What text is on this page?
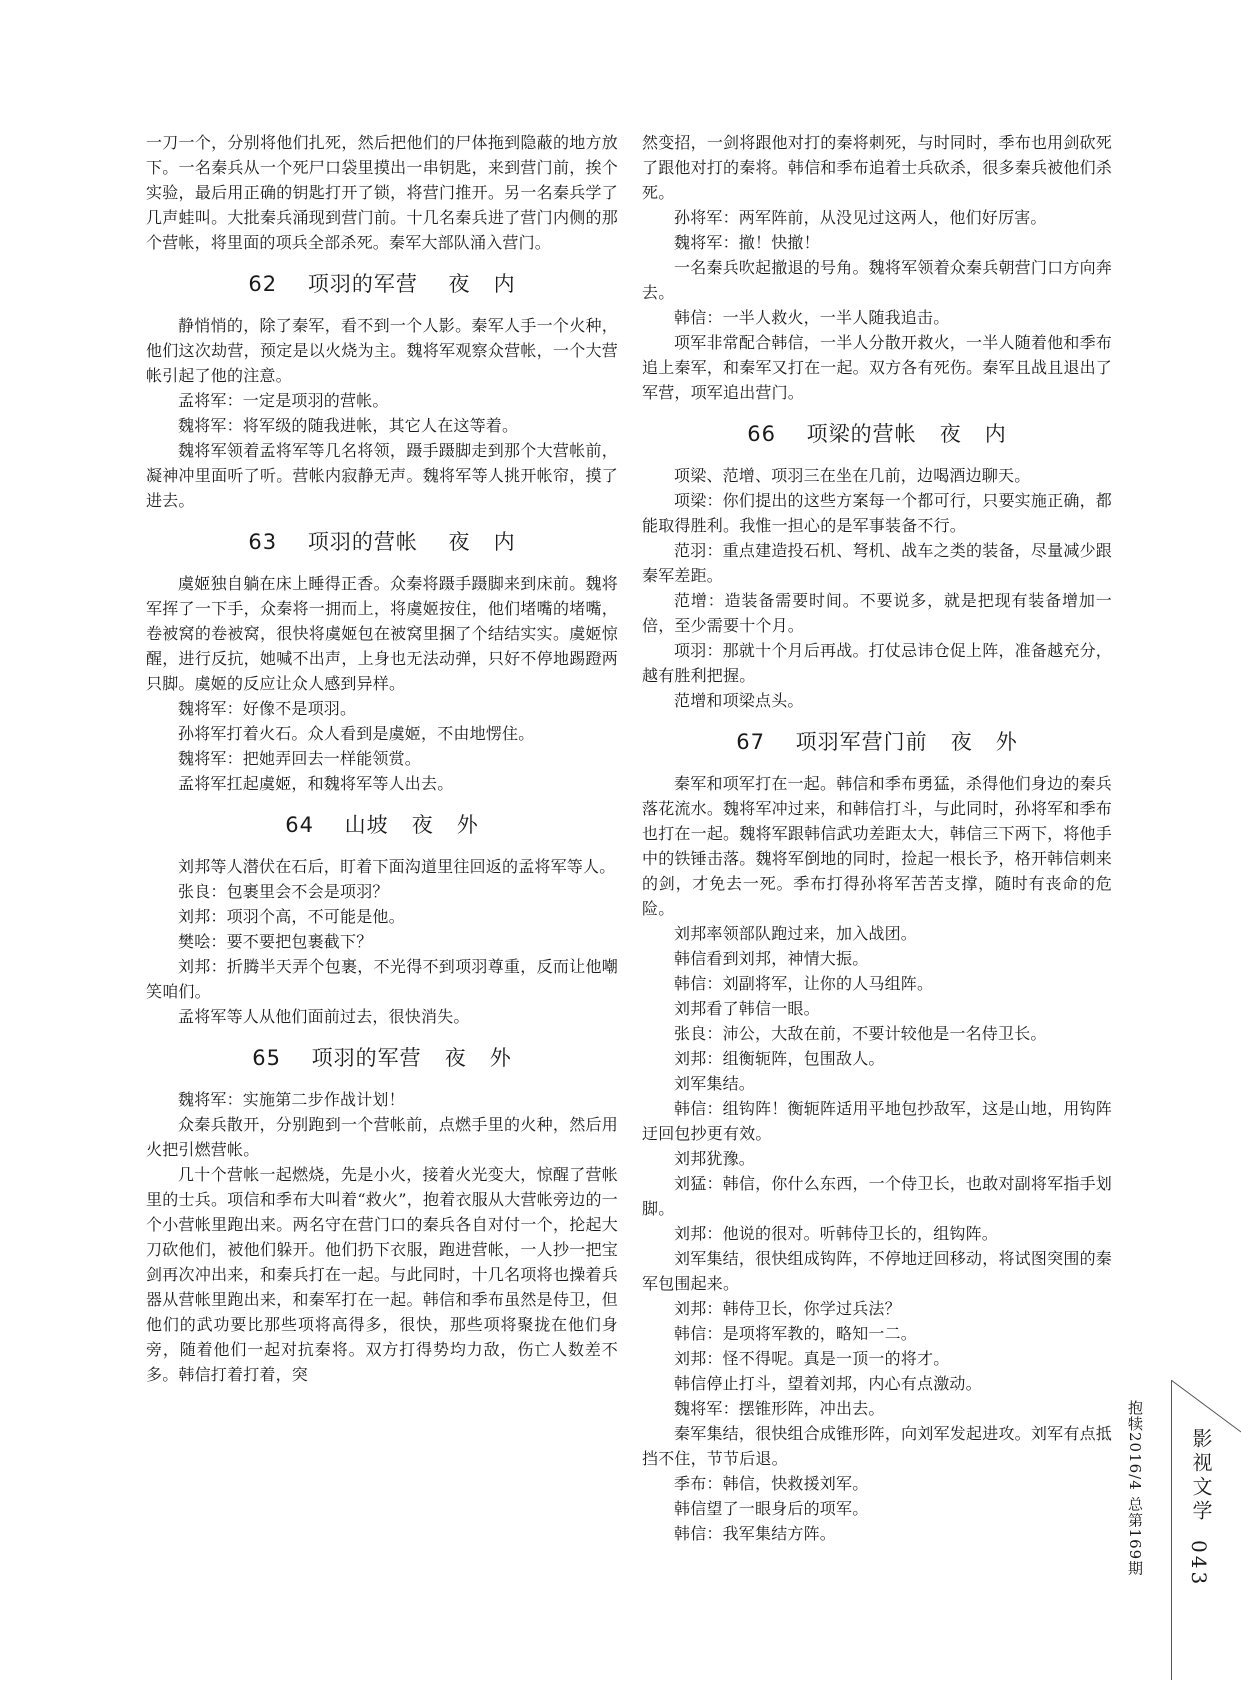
一刀一个，分别将他们扎死，然后把他们的尸体拖到隐蔽的地方放下。一名秦兵从一个死尸口袋里摸出一串钥匙，来到营门前，挨个实验，最后用正确的钥匙打开了锁，将营门推开。另一名秦兵学了几声蛙叫。大批秦兵涌现到营门前。十几名秦兵进了营门内侧的那个营帐，将里面的项兵全部杀死。秦军大部队涌入营门。
62    项羽的军营    夜   内
静悄悄的，除了秦军，看不到一个人影。秦军人手一个火种，他们这次劫营，预定是以火烧为主。魏将军观察众营帐，一个大营帐引起了他的注意。
孟将军：一定是项羽的营帐。
魏将军：将军级的随我进帐，其它人在这等着。
魏将军领着孟将军等几名将领，蹑手蹑脚走到那个大营帐前，凝神冲里面听了听。营帐内寂静无声。魏将军等人挑开帐帘，摸了进去。
63    项羽的营帐    夜   内
虞姬独自躺在床上睡得正香。众秦将蹑手蹑脚来到床前。魏将军挥了一下手，众秦将一拥而上，将虞姬按住，他们堵嘴的堵嘴，卷被窝的卷被窝，很快将虞姬包在被窝里捆了个结结实实。虞姬惊醒，进行反抗，她喊不出声，上身也无法动弹，只好不停地踢蹬两只脚。虞姬的反应让众人感到异样。
魏将军：好像不是项羽。
孙将军打着火石。众人看到是虞姬，不由地愣住。
魏将军：把她弄回去一样能领赏。
孟将军扛起虞姬，和魏将军等人出去。
64    山坡   夜   外
刘邦等人潜伏在石后，盯着下面沟道里往回返的孟将军等人。
张良：包裹里会不会是项羽？
刘邦：项羽个高，不可能是他。
樊哙：要不要把包裹截下？
刘邦：折腾半天弄个包裹，不光得不到项羽尊重，反而让他嘲笑咱们。
孟将军等人从他们面前过去，很快消失。
65    项羽的军营   夜   外
魏将军：实施第二步作战计划！
众秦兵散开，分别跑到一个营帐前，点燃手里的火种，然后用火把引燃营帐。
几十个营帐一起燃烧，先是小火，接着火光变大，惊醒了营帐里的士兵。项信和季布大叫着“救火”，抱着衣服从大营帐旁边的一个小营帐里跑出来。两名守在营门口的秦兵各自对付一个，抡起大刀砍他们，被他们躲开。他们扔下衣服，跑进营帐，一人抄一把宝剑再次冲出来，和秦兵打在一起。与此同时，十几名项将也操着兵器从营帐里跑出来，和秦军打在一起。韩信和季布虽然是侍卫，但他们的武功要比那些项将高得多，很快，那些项将聚拢在他们身旁，随着他们一起对抗秦将。双方打得势均力敌，伤亡人数差不多。韩信打着打着，突
然变招，一剑将跟他对打的秦将刺死，与时同时，季布也用剑砍死了跟他对打的秦将。韩信和季布追着士兵砍杀，很多秦兵被他们杀死。
孙将军：两军阵前，从没见过这两人，他们好厉害。
魏将军：撤！快撤！
一名秦兵吹起撤退的号角。魏将军领着众秦兵朝营门口方向奔去。
韩信：一半人救火，一半人随我追击。
项军非常配合韩信，一半人分散开救火，一半人随着他和季布追上秦军，和秦军又打在一起。双方各有死伤。秦军且战且退出了军营，项军追出营门。
66    项梁的营帐   夜   内
项梁、范增、项羽三在坐在几前，边喝酒边聊天。
项梁：你们提出的这些方案每一个都可行，只要实施正确，都能取得胜利。我惟一担心的是军事装备不行。
范羽：重点建造投石机、弩机、战车之类的装备，尽量减少跟秦军差距。
范增：造装备需要时间。不要说多，就是把现有装备增加一倍，至少需要十个月。
项羽：那就十个月后再战。打仗忌讳仓促上阵，准备越充分，越有胜利把握。
范增和项梁点头。
67    项羽军营门前   夜   外
秦军和项军打在一起。韩信和季布勇猛，杀得他们身边的秦兵落花流水。魏将军冲过来，和韩信打斗，与此同时，孙将军和季布也打在一起。魏将军跟韩信武功差距太大，韩信三下两下，将他手中的铁锤击落。魏将军倒地的同时，捡起一根长予，格开韩信刺来的剑，才免去一死。季布打得孙将军苦苦支撑，随时有丧命的危险。
刘邦率领部队跑过来，加入战团。
韩信看到刘邦，神情大振。
韩信：刘副将军，让你的人马组阵。
刘邦看了韩信一眼。
张良：沛公，大敌在前，不要计较他是一名侍卫长。
刘邦：组衡轭阵，包围敌人。
刘军集结。
韩信：组钩阵！衡轭阵适用平地包抄敌军，这是山地，用钩阵迂回包抄更有效。
刘邦犹豫。
刘猛：韩信，你什么东西，一个侍卫长，也敢对副将军指手划脚。
刘邦：他说的很对。听韩侍卫长的，组钩阵。
刘军集结，很快组成钩阵，不停地迂回移动，将试图突围的秦军包围起来。
刘邦：韩侍卫长，你学过兵法？
韩信：是项将军教的，略知一二。
刘邦：怪不得呢。真是一顶一的将才。
韩信停止打斗，望着刘邦，内心有点激动。
魏将军：摆锥形阵，冲出去。
秦军集结，很快组合成锥形阵，向刘军发起进攻。刘军有点抵挡不住，节节后退。
季布：韩信，快救援刘军。
韩信望了一眼身后的项军。
韩信：我军集结方阵。	抱犊2016/4 总第169期 影视文学
043
